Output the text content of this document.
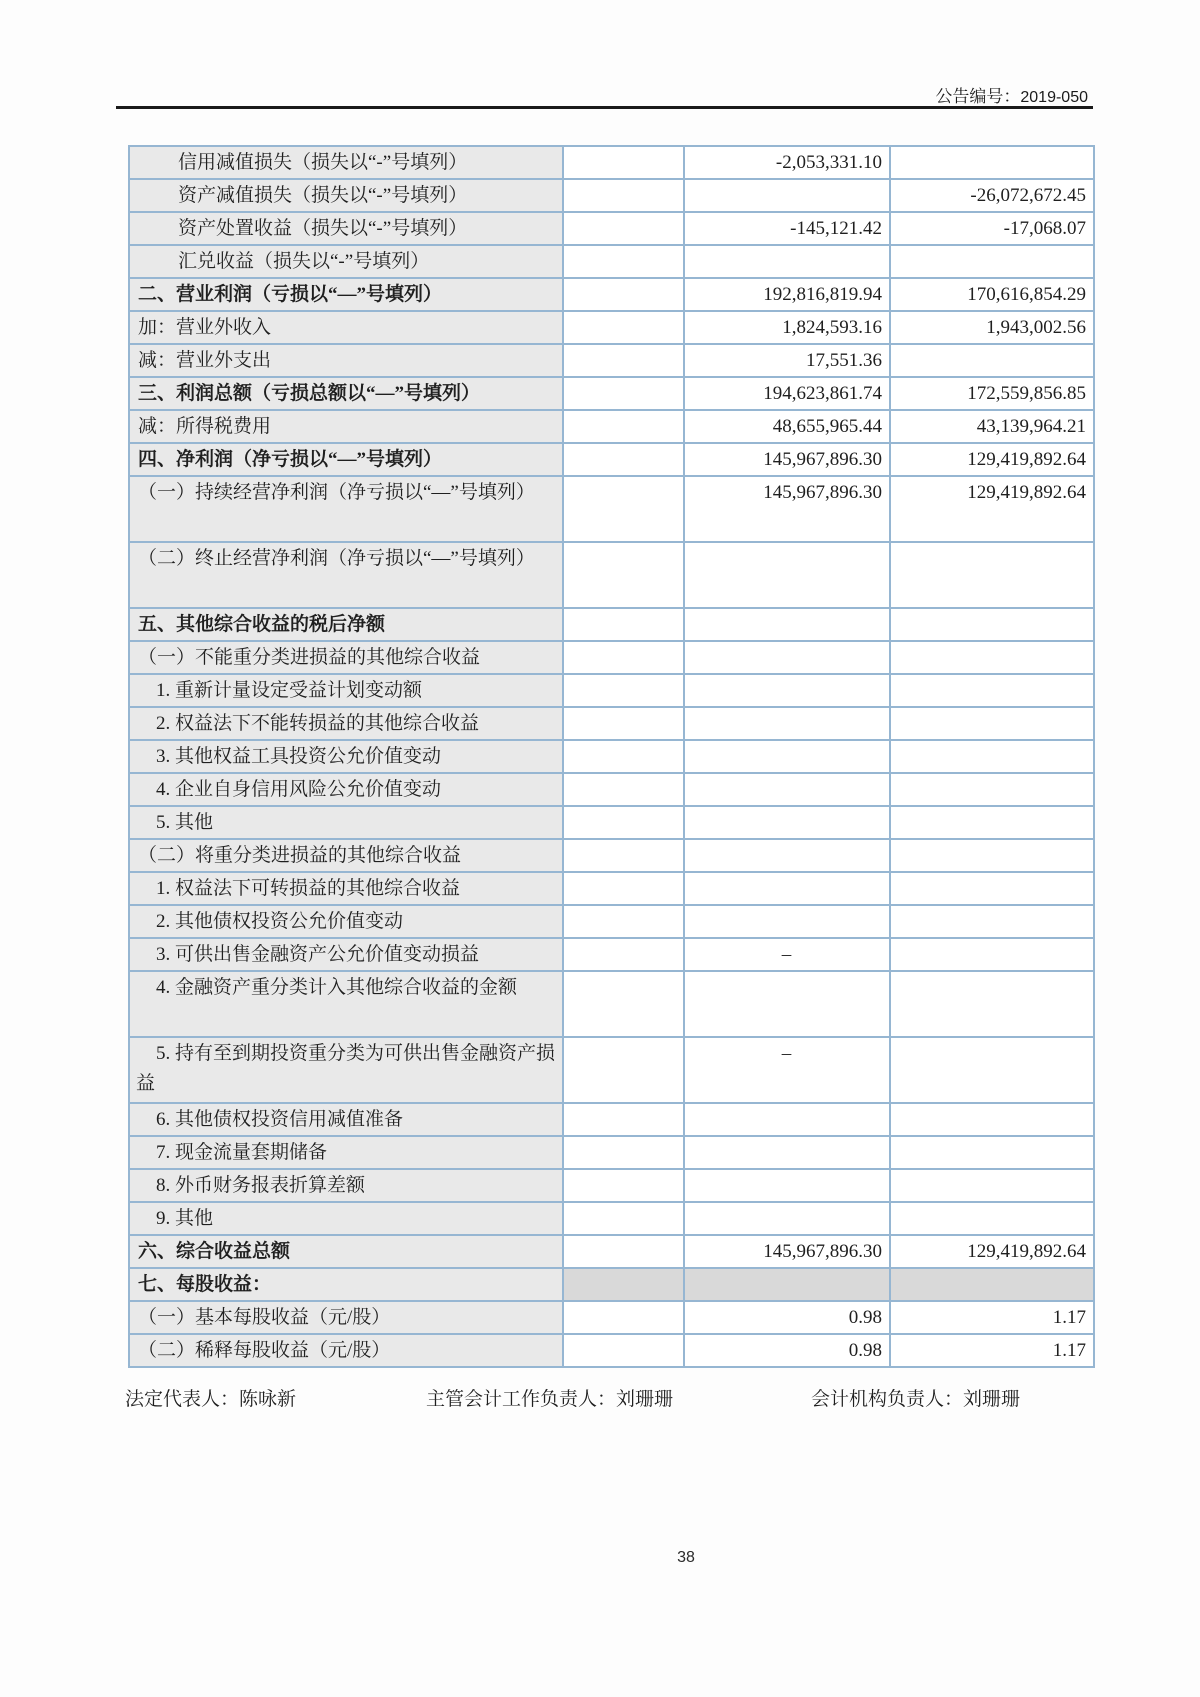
公告编号：2019-050
信用减值损失（损失以“-”号填列）		-2,053,331.10	
资产减值损失（损失以“-”号填列）			-26,072,672.45
资产处置收益（损失以“-”号填列）		-145,121.42	-17,068.07
汇兑收益（损失以“-”号填列）			
二、营业利润（亏损以“—”号填列）		192,816,819.94	170,616,854.29
加：营业外收入		1,824,593.16	1,943,002.56
减：营业外支出		17,551.36	
三、利润总额（亏损总额以“—”号填列）		194,623,861.74	172,559,856.85
减：所得税费用		48,655,965.44	43,139,964.21
四、净利润（净亏损以“—”号填列）		145,967,896.30	129,419,892.64
（一）持续经营净利润（净亏损以“—”号填列）		145,967,896.30	129,419,892.64
（二）终止经营净利润（净亏损以“—”号填列）			
五、其他综合收益的税后净额			
（一）不能重分类进损益的其他综合收益			
1. 重新计量设定受益计划变动额			
2. 权益法下不能转损益的其他综合收益			
3. 其他权益工具投资公允价值变动			
4. 企业自身信用风险公允价值变动			
5. 其他			
（二）将重分类进损益的其他综合收益			
1. 权益法下可转损益的其他综合收益			
2. 其他债权投资公允价值变动			
3. 可供出售金融资产公允价值变动损益		–	
4. 金融资产重分类计入其他综合收益的金额			
5. 持有至到期投资重分类为可供出售金融资产损益		–	
6. 其他债权投资信用减值准备			
7. 现金流量套期储备			
8. 外币财务报表折算差额			
9. 其他			
六、综合收益总额		145,967,896.30	129,419,892.64
七、每股收益：			
（一）基本每股收益（元/股）		0.98	1.17
（二）稀释每股收益（元/股）		0.98	1.17
法定代表人：陈咏新	主管会计工作负责人：刘珊珊	会计机构负责人：刘珊珊
38
